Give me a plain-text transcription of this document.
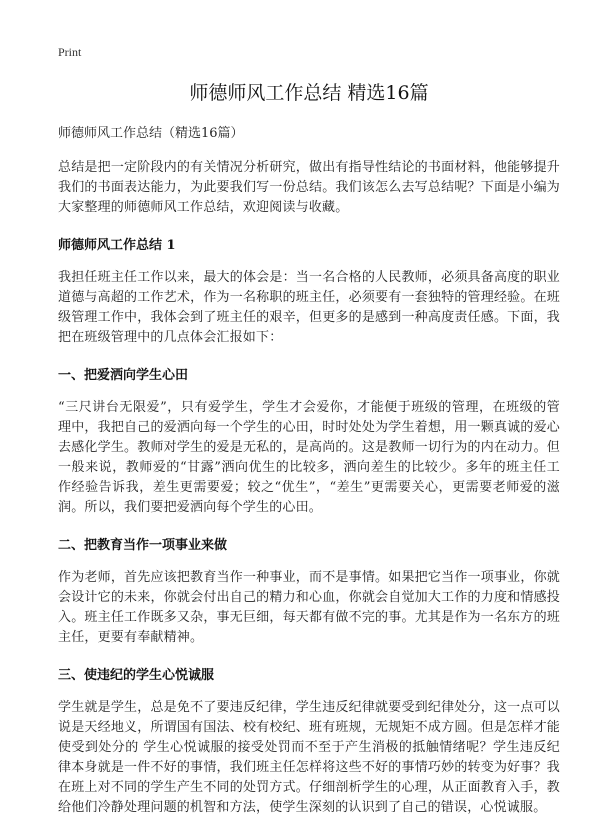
Print
师德师风工作总结 精选16篇
师德师风工作总结（精选16篇）

总结是把一定阶段内的有关情况分析研究，做出有指导性结论的书面材料，他能够提升我们的书面表达能力，为此要我们写一份总结。我们该怎么去写总结呢？下面是小编为大家整理的师德师风工作总结，欢迎阅读与收藏。

师德师风工作总结 1

我担任班主任工作以来，最大的体会是：当一名合格的人民教师，必须具备高度的职业道德与高超的工作艺术，作为一名称职的班主任，必须要有一套独特的管理经验。在班级管理工作中，我体会到了班主任的艰辛，但更多的是感到一种高度责任感。下面，我把在班级管理中的几点体会汇报如下：

一、把爱洒向学生心田

“三尺讲台无限爱”，只有爱学生，学生才会爱你，才能便于班级的管理，在班级的管理中，我把自己的爱洒向每一个学生的心田，时时处处为学生着想，用一颗真诚的爱心去感化学生。教师对学生的爱是无私的，是高尚的。这是教师一切行为的内在动力。但一般来说，教师爱的“甘露”洒向优生的比较多，洒向差生的比较少。多年的班主任工作经验告诉我，差生更需要爱；较之“优生”，“差生”更需要关心，更需要老师爱的滋润。所以，我们要把爱洒向每个学生的心田。

二、把教育当作一项事业来做

作为老师，首先应该把教育当作一种事业，而不是事情。如果把它当作一项事业，你就会设计它的未来，你就会付出自己的精力和心血，你就会自觉加大工作的力度和情感投入。班主任工作既多又杂，事无巨细，每天都有做不完的事。尤其是作为一名东方的班主任，更要有奉献精神。

三、使违纪的学生心悦诚服

学生就是学生，总是免不了要违反纪律，学生违反纪律就要受到纪律处分，这一点可以说是天经地义，所谓国有国法、校有校纪、班有班规，无规矩不成方圆。但是怎样才能使受到处分的 学生心悦诚服的接受处罚而不至于产生消极的抵触情绪呢？学生违反纪律本身就是一件不好的事情，我们班主任怎样将这些不好的事情巧妙的转变为好事？我在班上对不同的学生产生不同的处罚方式。仔细剖析学生的心理，从正面教育入手，教给他们冷静处理问题的机智和方法，使学生深刻的认识到了自己的错误，心悦诚服。
